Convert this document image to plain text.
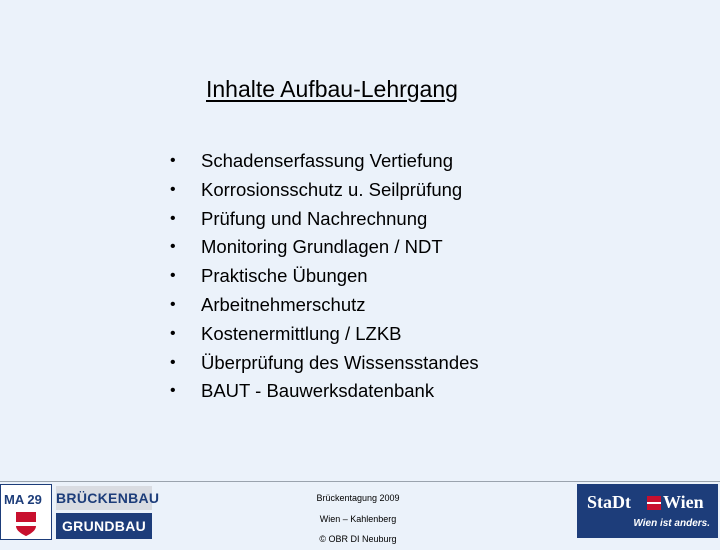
Inhalte Aufbau-Lehrgang
• Schadenserfassung Vertiefung
• Korrosionsschutz u. Seilprüfung
• Prüfung und Nachrechnung
• Monitoring Grundlagen / NDT
• Praktische Übungen
• Arbeitnehmerschutz
• Kostenermittlung / LZKB
• Überprüfung des Wissensstandes
• BAUT - Bauwerksdatenbank
MA 29 BRÜCKENBAU
GRUNDBAU
Brückentagung 2009
Wien – Kahlenberg
© OBR DI Neuburg
StaDt Wien
Wien ist anders.
